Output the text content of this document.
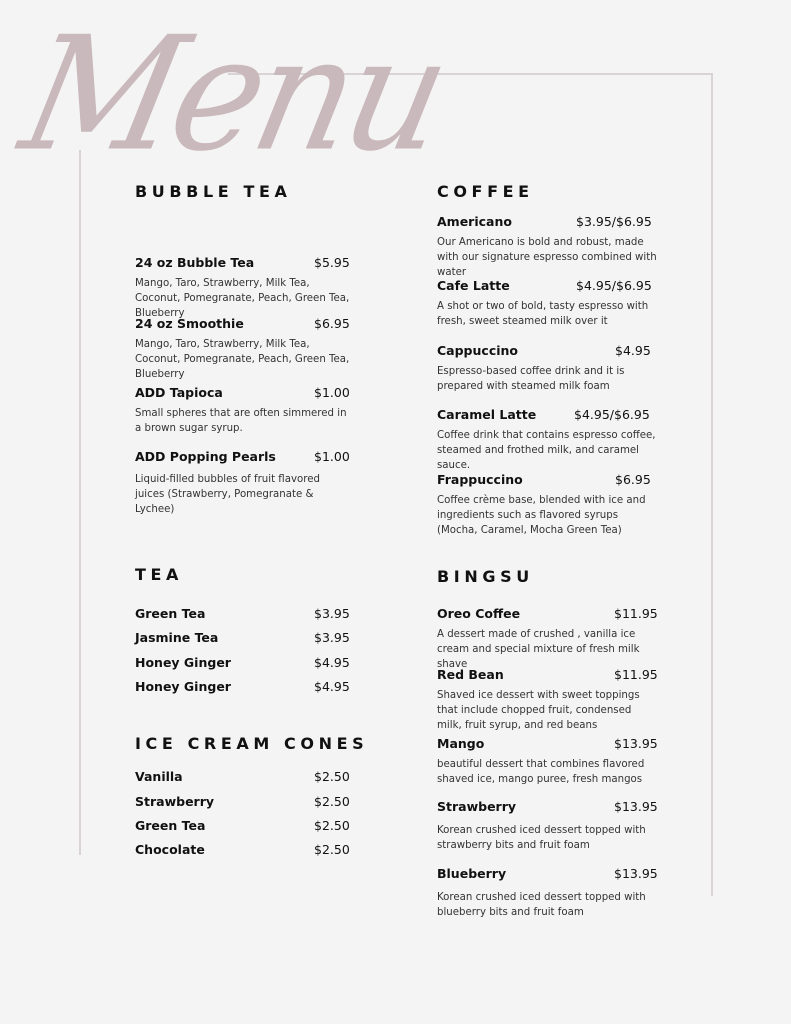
Menu
BUBBLE TEA
24 oz Bubble Tea	$5.95
Mango, Taro, Strawberry, Milk Tea, Coconut, Pomegranate, Peach, Green Tea, Blueberry
24 oz Smoothie	$6.95
Mango, Taro, Strawberry, Milk Tea, Coconut, Pomegranate, Peach, Green Tea, Blueberry
ADD Tapioca	$1.00
Small spheres that are often simmered in a brown sugar syrup.
ADD Popping Pearls	$1.00
Liquid-filled bubbles of fruit flavored juices (Strawberry, Pomegranate & Lychee)
TEA
Green Tea	$3.95
Jasmine Tea	$3.95
Honey Ginger	$4.95
Honey Ginger	$4.95
ICE CREAM CONES
Vanilla	$2.50
Strawberry	$2.50
Green Tea	$2.50
Chocolate	$2.50
COFFEE
Americano	$3.95/$6.95
Our Americano is bold and robust, made with our signature espresso combined with water
Cafe Latte	$4.95/$6.95
A shot or two of bold, tasty espresso with fresh, sweet steamed milk over it
Cappuccino	$4.95
Espresso-based coffee drink and it is prepared with steamed milk foam
Caramel Latte	$4.95/$6.95
Coffee drink that contains espresso coffee, steamed and frothed milk, and caramel sauce.
Frappuccino	$6.95
Coffee crème base, blended with ice and ingredients such as flavored syrups (Mocha, Caramel, Mocha Green Tea)
BINGSU
Oreo Coffee	$11.95
A dessert made of crushed , vanilla ice cream and special mixture of fresh milk shave
Red Bean	$11.95
Shaved ice dessert with sweet toppings that include chopped fruit, condensed milk, fruit syrup, and red beans
Mango	$13.95
beautiful dessert that combines flavored shaved ice, mango puree, fresh mangos
Strawberry	$13.95
Korean crushed iced dessert topped with strawberry bits and fruit foam
Blueberry	$13.95
Korean crushed iced dessert topped with blueberry bits and fruit foam
